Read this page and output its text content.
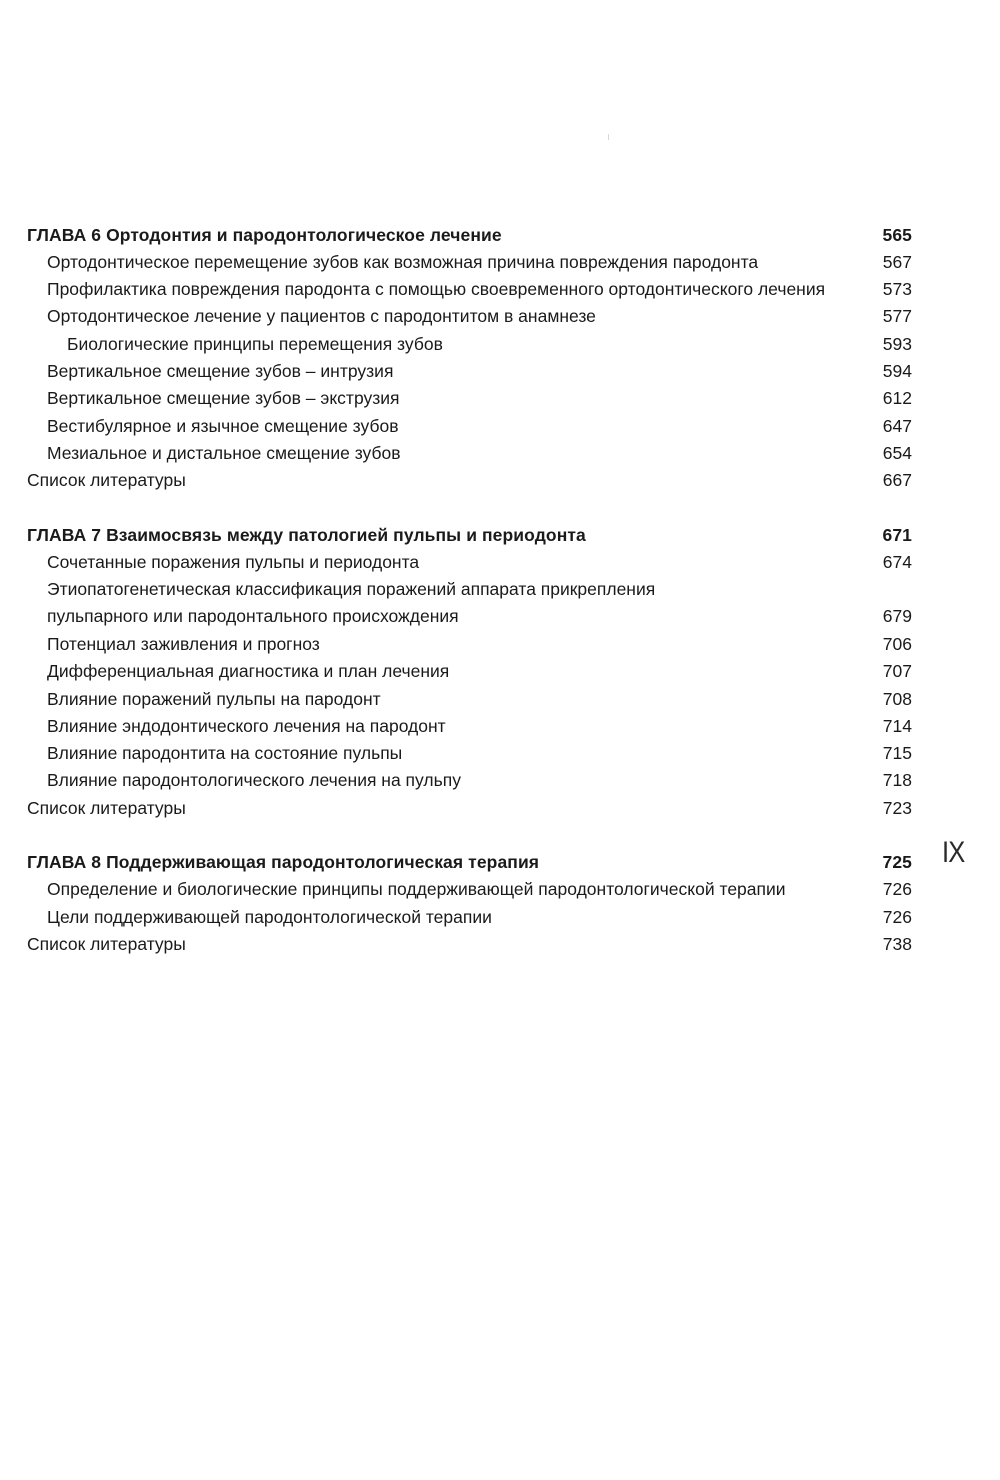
ГЛАВА 6 Ортодонтия и пародонтологическое лечение	565
Ортодонтическое перемещение зубов как возможная причина повреждения пародонта	567
Профилактика повреждения пародонта с помощью своевременного ортодонтического лечения	573
Ортодонтическое лечение у пациентов с пародонтитом в анамнезе	577
Биологические принципы перемещения зубов	593
Вертикальное смещение зубов – интрузия	594
Вертикальное смещение зубов – экструзия	612
Вестибулярное и язычное смещение зубов	647
Мезиальное и дистальное смещение зубов	654
Список литературы	667
ГЛАВА 7 Взаимосвязь между патологией пульпы и периодонта	671
Сочетанные поражения пульпы и периодонта	674
Этиопатогенетическая классификация поражений аппарата прикрепления
пульпарного или пародонтального происхождения	679
Потенциал заживления и прогноз	706
Дифференциальная диагностика и план лечения	707
Влияние поражений пульпы на пародонт	708
Влияние эндодонтического лечения на пародонт	714
Влияние пародонтита на состояние пульпы	715
Влияние пародонтологического лечения на пульпу	718
Список литературы	723
ГЛАВА 8 Поддерживающая пародонтологическая терапия	725
Определение и биологические принципы поддерживающей пародонтологической терапии	726
Цели поддерживающей пародонтологической терапии	726
Список литературы	738
IX
